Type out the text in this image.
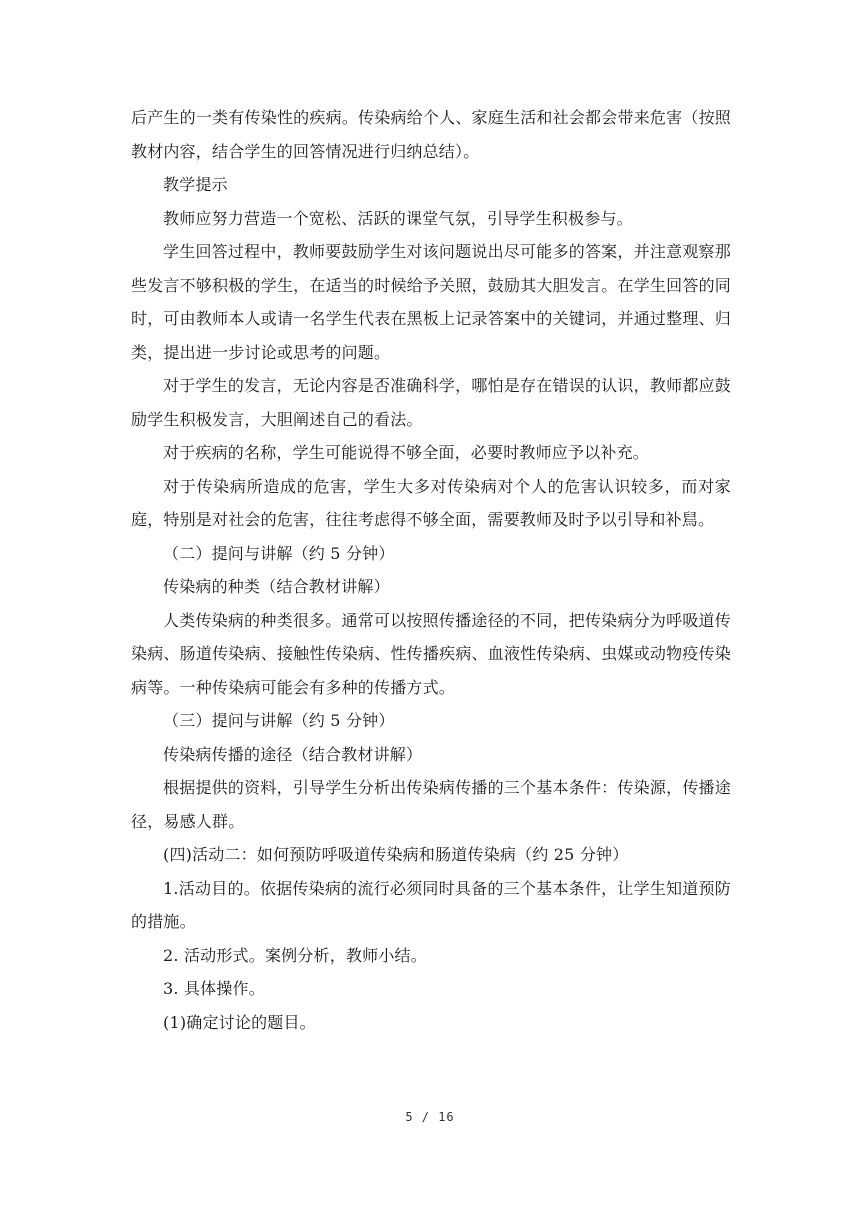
后产生的一类有传染性的疾病。传染病给个人、家庭生活和社会都会带来危害（按照教材内容，结合学生的回答情况进行归纳总结）。

教学提示

教师应努力营造一个宽松、活跃的课堂气氛，引导学生积极参与。

学生回答过程中，教师要鼓励学生对该问题说出尽可能多的答案，并注意观察那些发言不够积极的学生，在适当的时候给予关照，鼓励其大胆发言。在学生回答的同时，可由教师本人或请一名学生代表在黑板上记录答案中的关键词，并通过整理、归类，提出进一步讨论或思考的问题。

对于学生的发言，无论内容是否准确科学，哪怕是存在错误的认识，教师都应鼓励学生积极发言，大胆阐述自己的看法。

对于疾病的名称，学生可能说得不够全面，必要时教师应予以补充。

对于传染病所造成的危害，学生大多对传染病对个人的危害认识较多，而对家庭，特别是对社会的危害，往往考虑得不够全面，需要教师及时予以引导和补舃。

（二）提问与讲解（约 5 分钟）

传染病的种类（结合教材讲解）

人类传染病的种类很多。通常可以按照传播途径的不同，把传染病分为呼吸道传染病、肠道传染病、接触性传染病、性传播疾病、血液性传染病、虫媒或动物疫传染病等。一种传染病可能会有多种的传播方式。

（三）提问与讲解（约 5 分钟）

传染病传播的途径（结合教材讲解）

根据提供的资料，引导学生分析出传染病传播的三个基本条件：传染源，传播途径，易感人群。

(四)活动二：如何预防呼吸道传染病和肠道传染病（约 25 分钟）

1.活动目的。依据传染病的流行必须同时具备的三个基本条件，让学生知道预防的措施。

2. 活动形式。案例分析，教师小结。

3. 具体操作。

(1)确定讨论的题目。

5 / 16
